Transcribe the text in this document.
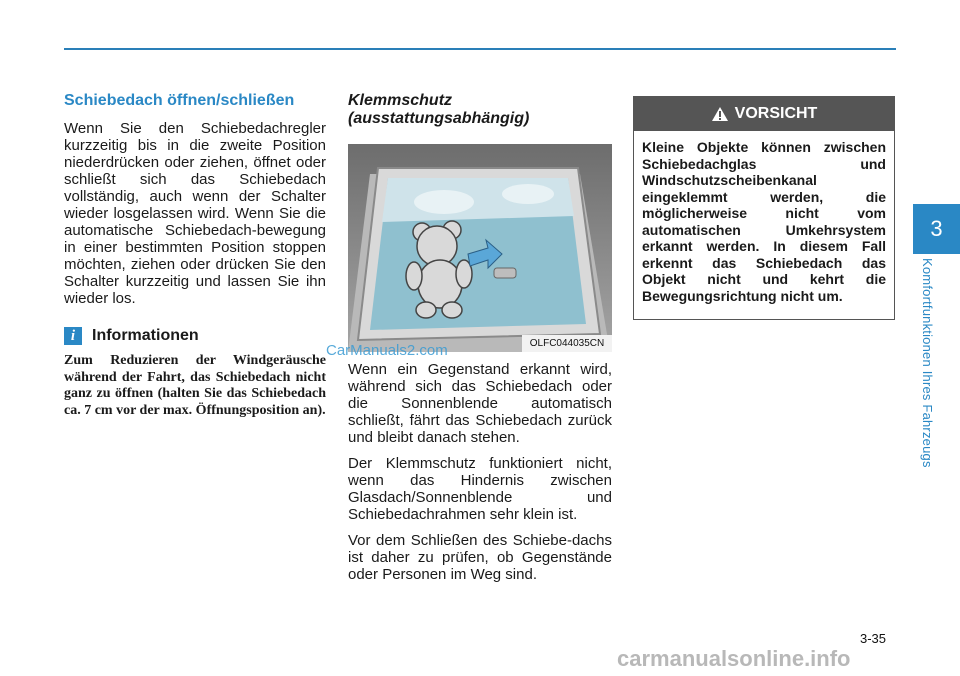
Schiebedach öffnen/schließen

Wenn Sie den Schiebedachregler kurzzeitig bis in die zweite Position niederdrücken oder ziehen, öffnet oder schließt sich das Schiebedach vollständig, auch wenn der Schalter wieder losgelassen wird. Wenn Sie die automatische Schiebedach-bewegung in einer bestimmten Position stoppen möchten, ziehen oder drücken Sie den Schalter kurzzeitig und lassen Sie ihn wieder los.

i	Informationen

Zum Reduzieren der Windgeräusche während der Fahrt, das Schiebedach nicht ganz zu öffnen (halten Sie das Schiebedach ca. 7 cm vor der max. Öffnungsposition an).

Klemmschutz (ausstattungsabhängig)

OLFC044035CN

Wenn ein Gegenstand erkannt wird, während sich das Schiebedach oder die Sonnenblende automatisch schließt, fährt das Schiebedach zurück und bleibt danach stehen.

Der Klemmschutz funktioniert nicht, wenn das Hindernis zwischen Glasdach/Sonnenblende und Schiebedachrahmen sehr klein ist.

Vor dem Schließen des Schiebe-dachs ist daher zu prüfen, ob Gegenstände oder Personen im Weg sind.

CarManuals2.com
VORSICHT

Kleine Objekte können zwischen Schiebedachglas und Windschutzscheibenkanal eingeklemmt werden, die möglicherweise nicht vom automatischen Umkehrsystem erkannt werden. In diesem Fall erkennt das Schiebedach das Objekt nicht und kehrt die Bewegungsrichtung nicht um.

3
Komfortfunktionen Ihres Fahrzeugs
3-35
carmanualsonline.info
